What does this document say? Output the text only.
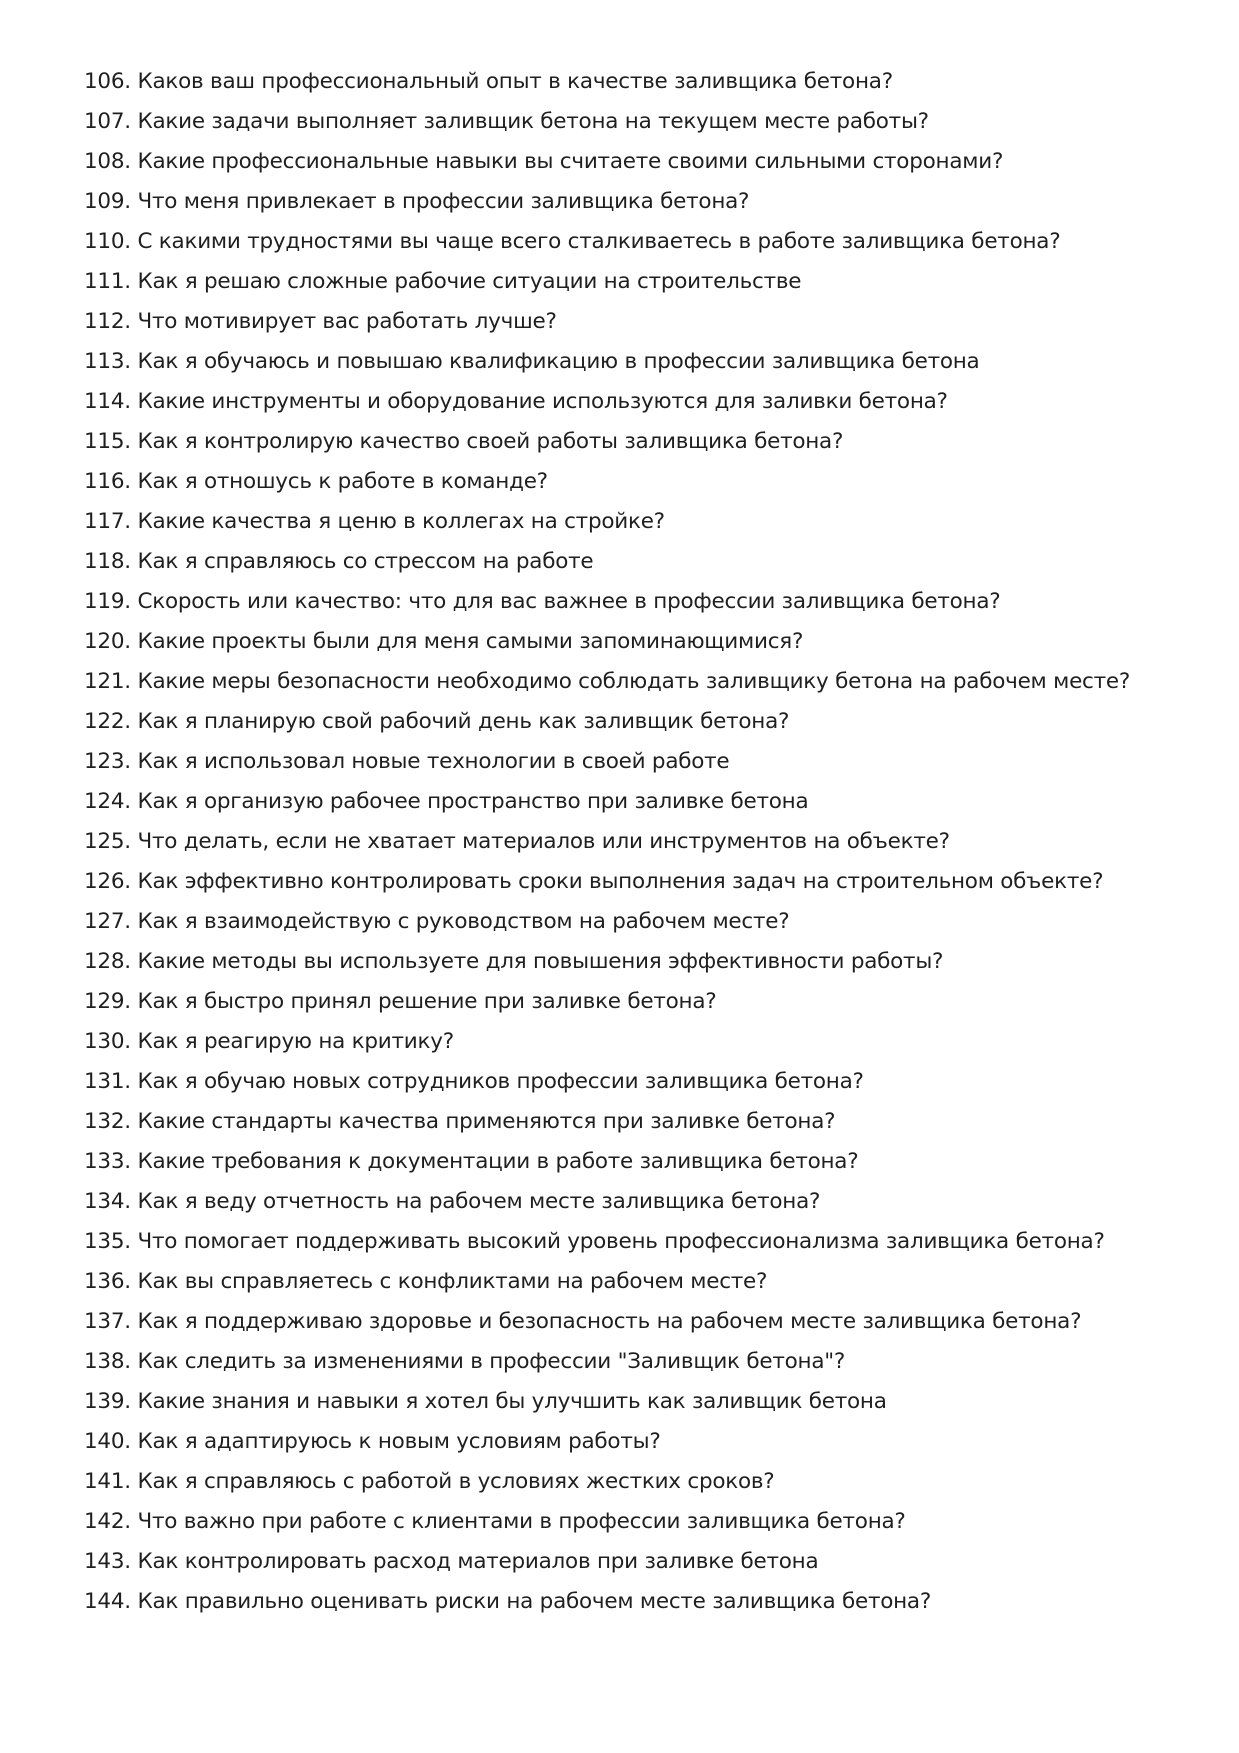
106. Каков ваш профессиональный опыт в качестве заливщика бетона?
107. Какие задачи выполняет заливщик бетона на текущем месте работы?
108. Какие профессиональные навыки вы считаете своими сильными сторонами?
109. Что меня привлекает в профессии заливщика бетона?
110. С какими трудностями вы чаще всего сталкиваетесь в работе заливщика бетона?
111. Как я решаю сложные рабочие ситуации на строительстве
112. Что мотивирует вас работать лучше?
113. Как я обучаюсь и повышаю квалификацию в профессии заливщика бетона
114. Какие инструменты и оборудование используются для заливки бетона?
115. Как я контролирую качество своей работы заливщика бетона?
116. Как я отношусь к работе в команде?
117. Какие качества я ценю в коллегах на стройке?
118. Как я справляюсь со стрессом на работе
119. Скорость или качество: что для вас важнее в профессии заливщика бетона?
120. Какие проекты были для меня самыми запоминающимися?
121. Какие меры безопасности необходимо соблюдать заливщику бетона на рабочем месте?
122. Как я планирую свой рабочий день как заливщик бетона?
123. Как я использовал новые технологии в своей работе
124. Как я организую рабочее пространство при заливке бетона
125. Что делать, если не хватает материалов или инструментов на объекте?
126. Как эффективно контролировать сроки выполнения задач на строительном объекте?
127. Как я взаимодействую с руководством на рабочем месте?
128. Какие методы вы используете для повышения эффективности работы?
129. Как я быстро принял решение при заливке бетона?
130. Как я реагирую на критику?
131. Как я обучаю новых сотрудников профессии заливщика бетона?
132. Какие стандарты качества применяются при заливке бетона?
133. Какие требования к документации в работе заливщика бетона?
134. Как я веду отчетность на рабочем месте заливщика бетона?
135. Что помогает поддерживать высокий уровень профессионализма заливщика бетона?
136. Как вы справляетесь с конфликтами на рабочем месте?
137. Как я поддерживаю здоровье и безопасность на рабочем месте заливщика бетона?
138. Как следить за изменениями в профессии "Заливщик бетона"?
139. Какие знания и навыки я хотел бы улучшить как заливщик бетона
140. Как я адаптируюсь к новым условиям работы?
141. Как я справляюсь с работой в условиях жестких сроков?
142. Что важно при работе с клиентами в профессии заливщика бетона?
143. Как контролировать расход материалов при заливке бетона
144. Как правильно оценивать риски на рабочем месте заливщика бетона?
